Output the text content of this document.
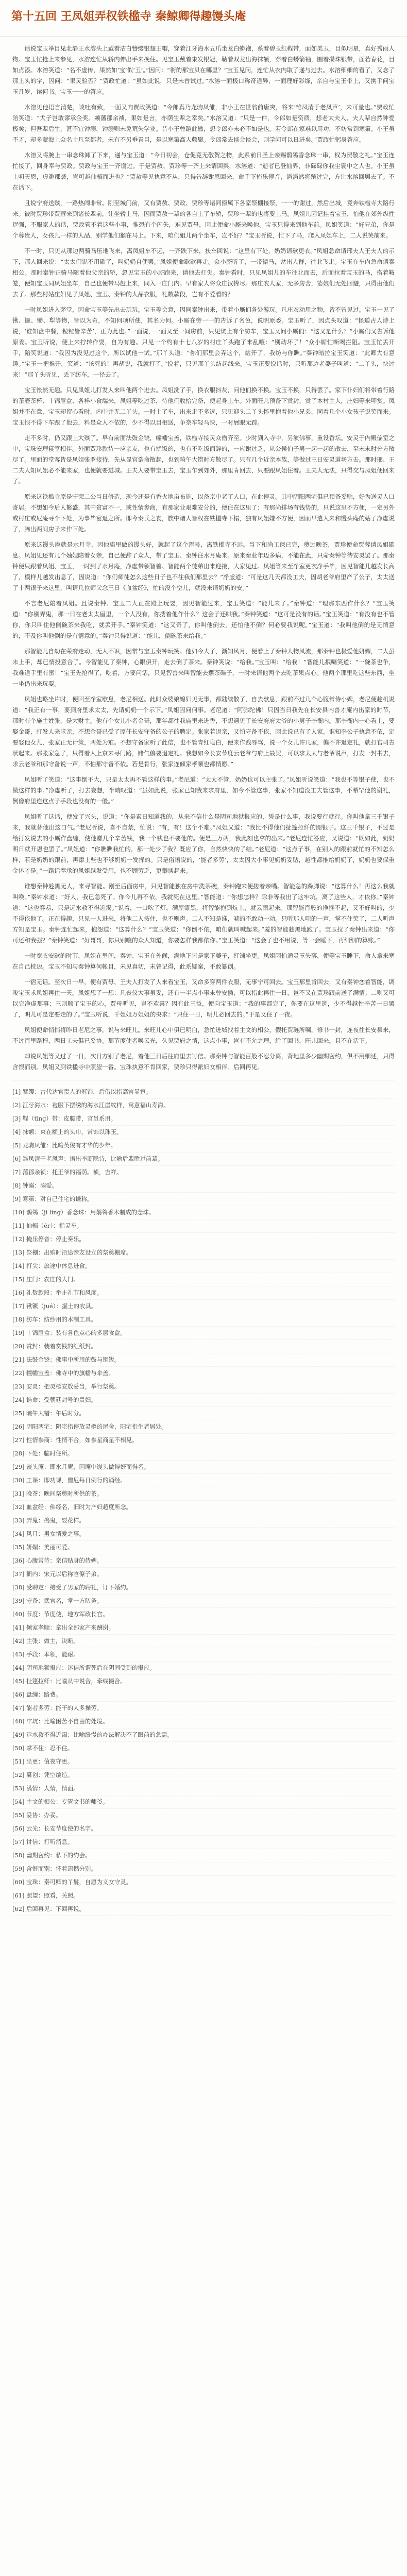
第十五回 王凤姐弄权铁槛寺 秦鲸卿得趣馒头庵

话说宝玉举目见北静王水溶头上戴着洁白簪缨银翅王帽，穿着江牙海水五爪坐龙白蟒袍，系着碧玉红鞓带，面如美玉，目似明星，真好秀丽人物。宝玉忙抢上来参见，水溶连忙从轿内伸出手来挽住。见宝玉戴着束发银冠，勒着双龙出海抹额，穿着白蟒箭袖，围着攒珠银带，面若春花，目如点漆。水溶笑道：“名不虚传，果然如‘宝’似‘玉’。”因问：“衔的那宝贝在哪里？”宝玉见问，连忙从衣内取了递与过去。水溶细细的看了，又念了那上头的字，因问：“果灵验否？”贾政忙道：“虽如此说，只是未曾试过。”水溶一面极口称奇道异，一面理好彩绦，亲自与宝玉带上，又携手问宝玉几岁，读何书。宝玉一一的答应。

水溶见他语言清楚，谈吐有致，一面又向贾政笑道：“令郎真乃龙驹凤雏，非小王在世翁前唐突，将来‘雏凤清于老凤声’，未可量也。”贾政忙陪笑道：“犬子岂敢谬承金奖。赖藩郡余祯，果如是言，亦荫生辈之幸矣。”水溶又道：“只是一件，令郎如是资质，想老太夫人、夫人辈自然钟爱极矣；但吾辈后生，甚不宜钟溺，钟溺则未免荒失学业。昔小王曾蹈此辙，想令郎亦未必不如是也。若令郎在家难以用功，不妨常到寒第。小王虽不才，却多蒙海上众名士凡至都者，未有不另垂青目，是以寒第高人颇聚。令郎常去谈会谈会，则学问可以日进矣。”贾政忙躬身答应。

水溶又将腕上一串念珠卸了下来，递与宝玉道：“今日初会，仓促竟无敬贺之物，此系前日圣上亲赐鹡鸰香念珠一串，权为贺敬之礼。”宝玉连忙接了，回身奉与贾政。贾政与宝玉一齐谢过。于是贾赦、贾珍等一齐上来请回舆，水溶道：“逝者已登仙界，非碌碌你我尘寰中之人也。小王虽上叨天恩，虚邀郡袭，岂可越仙輀而进也？”贾赦等见执意不从，只得告辞谢恩回来，命手下掩乐停音，滔滔然将殡过完，方让水溶回舆去了。不在话下。

且说宁府送殡，一路热闹非常。刚至城门前，又有贾赦、贾政、贾珍等诸同僚属下各家祭棚接祭，一一的谢过，然后出城，竟奔铁槛寺大路行来。彼时贾珍带贾蓉来到诸长辈前，让坐轿上马，因而贾赦一辈的各自上了车轿，贾珍一辈的也将要上马。凤姐儿因记挂着宝玉，怕他在郊外纵性逞强，不服家人的话，贾政管不着这些小事，惟恐有个闪失，难见贾母，因此便命小厮来唤他。宝玉只得来到他车前。凤姐笑道：“好兄弟，你是个尊贵人，女孩儿一样的人品，别学他们猴在马上。下来，咱们姐儿两个坐车，岂不好？”宝玉听说，忙下了马，爬入凤姐车上，二人说笑前来。

不一时，只见从那边两骑马压地飞来，离凤姐车不远，一齐跌下来，扶车回说：“这里有下处，奶奶请歇更衣。”凤姐急命请邢夫人王夫人的示下，那人回来说：“太太们说不用歇了，叫奶奶自便罢。”凤姐便命歇歇再走。众小厮听了，一带辕马，岔出人群，往北飞走。宝玉在车内急命请秦相公。那时秦钟正骑马随着他父亲的轿，忽见宝玉的小厮跑来，请他去打尖。秦钟看时，只见凤姐儿的车往北而去，后面拉着宝玉的马，搭着鞍笼，便知宝玉同凤姐坐车，自己也便带马赶上来，同入一庄门内。早有家人将众庄汉撵尽。那庄农人家，无多房舍，婆娘们无处回避，只得由他们去了。那些村姑庄妇见了凤姐、宝玉、秦钟的人品衣服，礼数款段，岂有不爱看的？

一时凤姐进入茅堂，因命宝玉等先出去玩玩。宝玉等会意，因同秦钟出来，带着小厮们各处游玩。凡庄农动用之物，皆不曾见过。宝玉一见了锹、镢、锄、犁等物，皆以为奇，不知何项所使，其名为何。小厮在旁一一的告诉了名色，说明原委。宝玉听了，因点头叹道：“怪道古人诗上说，‘谁知盘中餐，粒粒皆辛苦’，正为此也。”一面说，一面又至一间房前，只见炕上有个纺车，宝玉又问小厮们：“这又是什么？”小厮们又告诉他原委。宝玉听说，便上来拧转作耍，自为有趣。只见一个约有十七八岁的村庄丫头跑了来乱嚷：“别动坏了！”众小厮忙断喝拦阻。宝玉忙丢开手，陪笑说道：“我因为没见过这个，所以试他一试。”那丫头道：“你们那里会弄这个，站开了，我纺与你瞧。”秦钟暗拉宝玉笑道：“此卿大有意趣。”宝玉一把推开，笑道：“该死的！再胡说，我就打了。”说着，只见那丫头纺起线来。宝玉正要说话时，只听那边老婆子叫道：“二丫头，快过来！”那丫头听见，丢下纺车，一径去了。

宝玉怅然无趣。只见凤姐儿打发人来叫他两个进去。凤姐洗了手，换衣服抖灰，问他们换不换。宝玉不换，只得罢了。家下仆妇们将带着行路的茶壶茶杯、十锦屉盒、各样小食端来，凤姐等吃过茶，待他们收拾完备，便起身上车。外面旺儿预备下赏封，赏了本村主人，庄妇等来叩赏。凤姐并不在意，宝玉却留心看时，内中并无二丫头。一时上了车，出来走不多远，只见迎头二丫头怀里抱着他小兄弟，同着几个小女孩子说笑而来。宝玉恨不得下车跟了他去，料是众人不依的，少不得以目相送，争奈车轻马快，一时展眼无踪。

走不多时，仍又跟上大殡了。早有前面法鼓金铙，幢幡宝盖，铁槛寺接灵众僧齐至。少时到入寺中，另演佛事，重设香坛。安灵于内殿偏室之中，宝珠安理寝室相伴。外面贾珍款待一应亲友，也有扰饭的，也有不吃饭而辞的，一应谢过乏，从公侯伯子男一起一起的散去，至未末时分方散尽了。里面的堂客皆是凤姐张罗接待，先从显官诰命散起，也到晌午大错时方散尽了。只有几个近亲本族，等做过三日安灵道场方去。那时邢、王二夫人知凤姐必不能来家，也便就要进城。王夫人要带宝玉去，宝玉乍到郊外，那里肯回去，只要跟凤姐住着。王夫人无法，只得交与凤姐便回来了。

原来这铁槛寺原是宁荣二公当日修造，现今还是有香火地亩布施，以备京中老了人口，在此停灵。其中阴阳两宅俱已预备妥贴，好为送灵人口寄居。不想如今后人繁盛，其中贫富不一，或性情参商，有那家业艰难安分的，便住在这里了；有那尚排场有钱势的，只说这里不方便，一定另外或村庄或尼庵寻个下处，为事毕宴退之所。即今秦氏之丧，族中诸人皆权在铁槛寺下榻，独有凤姐嫌不方便，因而早遣人来和馒头庵的姑子净虚说了，腾出两间房子来作下处。

原来这馒头庵就是水月寺，因他庙里做的馒头好，就起了这个浑号，离铁槛寺不远。当下和尚工课已完，奠过晚茶，贾珍便命贾蓉请凤姐歇息。凤姐见还有几个妯娌陪着女亲，自己便辞了众人，带了宝玉、秦钟往水月庵来。原来秦业年迈多病，不能在此，只命秦钟等待安灵罢了。那秦钟便只跟着凤姐、宝玉，一时到了水月庵，净虚带领智善、智能两个徒弟出来迎接，大家见过。凤姐等来至净室更衣净手毕，因见智能儿越发长高了，模样儿越发出息了，因说道：“你们师徒怎么这些日子也不往我们那里去？”净虚道：“可是这几天都没工夫，因胡老爷府里产了公子，太太送了十两银子来这里，叫请几位师父念三日《血盆经》，忙的没个空儿，就没来请奶奶的安。”

不言老尼陪着凤姐。且说秦钟、宝玉二人正在殿上玩耍，因见智能过来，宝玉笑道：“能儿来了。”秦钟道：“理那东西作什么？”宝玉笑道：“你别弄鬼，那一日在老太太屋里，一个人没有，你搂着他作什么？这会子还哄我。”秦钟笑道：“这可是没有的话。”宝玉笑道：“有没有也不管你，你只叫住他倒碗茶来我吃，就丢开手。”秦钟笑道：“这又奇了，你叫他倒去，还怕他不倒？何必要我说呢。”宝玉道：“我叫他倒的是无情意的，不及你叫他倒的是有情意的。”秦钟只得说道：“能儿，倒碗茶来给我。”

那智能儿自幼在荣府走动，无人不识，因常与宝玉秦钟玩笑。他如今大了，渐知风月，便看上了秦钟人物风流，那秦钟也极爱他妍媚，二人虽未上手，却已情投意合了。今智能见了秦钟，心眼俱开，走去倒了茶来。秦钟笑说：“给我。”宝玉叫：“给我！”智能儿抿嘴笑道：“一碗茶也争，我难道手里有蜜！”宝玉先抢得了，吃着，方要问话，只见智善来叫智能去摆茶碟子，一时来请他两个去吃茶果点心。他两个那里吃这些东西，坐一坐仍出来玩耍。

凤姐也略坐片时，便回至净室歇息，老尼相送。此时众婆娘媳妇见无事，都陆续散了，自去歇息，跟前不过几个心腹常侍小婢，老尼便趁机说道：“我正有一事，要到府里求太太，先请奶奶一个示下。”凤姐因问何事。老尼道：“阿弥陀佛！只因当日我先在长安县内善才庵内出家的时节，那时有个施主姓张，是大财主。他有个女儿小名金哥，那年都往我庙里来进香，不想遇见了长安府府太爷的小舅子李衙内。那李衙内一心看上，要娶金哥，打发人来求亲，不想金哥已受了原任长安守备的公子的聘定。张家若退亲，又怕守备不依，因此说已有了人家。谁知李公子执意不依，定要娶他女儿，张家正无计策，两处为难。不想守备家听了此信，也不管青红皂白，便来作践辱骂，说一个女儿许几家，偏不许退定礼，就打官司告状起来。那张家急了，只得着人上京来寻门路，赌气偏要退定礼。我想如今长安节度云老爷与府上最契，可以求太太与老爷说声，打发一封书去，求云老爷和那守备说一声，不怕那守备不依。若是肯行，张家连倾家孝顺也都情愿。”

凤姐听了笑道：“这事倒不大，只是太太再不管这样的事。”老尼道：“太太不管，奶奶也可以主张了。”凤姐听说笑道：“我也不等银子使，也不做这样的事。”净虚听了，打去妄想，半晌叹道：“虽如此说，张家已知我来求府里，如今不管这事，张家不知道没工夫管这事，不希罕他的谢礼，倒像府里连这点子手段也没有的一般。”

凤姐听了这话，便发了兴头，说道：“你是素日知道我的，从来不信什么是阴司地狱报应的，凭是什么事，我说要行就行。你叫他拿三千银子来，我就替他出这口气。”老尼听说，喜不自禁，忙说：“有，有！这个不难。”凤姐又道：“我比不得他们扯篷拉纤的图银子。这三千银子，不过是给打发说去的小厮作盘缠，使他赚几个辛苦钱，我一个钱也不要他的。便是三万两，我此刻也拿的出来。”老尼连忙答应，又说道：“既如此，奶奶明日就开恩也罢了。”凤姐道：“你瞧瞧我忙的，那一处少了我？既应了你，自然快快的了结。”老尼道：“这点子事，在别人的跟前就忙的不知怎么样，若是奶奶的跟前，再添上些也不够奶奶一发挥的。只是俗语说的，‘能者多劳’，太太因大小事见奶奶妥贴，越性都推给奶奶了，奶奶也要保重金体才是。”一路话奉承的凤姐越发受用，也不顾劳乏，更攀谈起来。

谁想秦钟趁黑无人，来寻智能。刚至后面房中，只见智能独在房中洗茶碗，秦钟跑来便搂着亲嘴。智能急的跺脚说：“这算什么！再这么我就叫唤。”秦钟求道：“好人，我已急死了。你今儿再不依，我就死在这里。”智能道：“你想怎样？除非等我出了这牢坑，离了这些人，才依你。”秦钟道：“这也容易，只是远水救不得近渴。”说着，一口吹了灯，满屋漆黑，将智能抱到炕上，就云雨起来。那智能百般的挣挫不起，又不好叫的，少不得依他了。正在得趣，只见一人进来，将他二人按住，也不则声。二人不知是谁，唬的不敢动一动。只听那人嗤的一声，掌不住笑了，二人听声方知是宝玉。秦钟连忙起来，抱怨道：“这算什么？”宝玉笑道：“你倒不依，咱们就叫喊起来。”羞的智能趁黑地跑了。宝玉拉了秦钟出来道：“你可还和我强？”秦钟笑道：“好哥哥，你只别嚷的众人知道，你要怎样我都依你。”宝玉笑道：“这会子也不用说，等一会睡下，再细细的算账。”

一时宽衣安歇的时节，凤姐在里间，秦钟、宝玉在外间，满地下皆是家下婆子，打铺坐更。凤姐因怕通灵玉失落，便等宝玉睡下，命人拿来塞在自己枕边。宝玉不知与秦钟算何帐目，未见真切，未曾记得，此系疑案，不敢纂创。

一宿无话。至次日一早，便有贾母、王夫人打发了人来看宝玉，又命多穿两件衣服，无事宁可回去。宝玉那里肯回去，又有秦钟恋着智能，调唆宝玉求凤姐再住一天。凤姐想了一想：凡丧仪大事虽妥，还有一半点小事未曾安插，可以指此再住一日，岂不又在贾珍跟前送了满情；二则又可以完净虚那事；三则顺了宝玉的心，贾母听见，岂不欢喜？因有此三益，便向宝玉道：“我的事都完了，你要在这里逛，少不得越性辛苦一日罢了，明儿可是定要走的了。”宝玉听说，千姐姐万姐姐的央求：“只住一日，明儿必回去的。”于是又住了一夜。

凤姐便命悄悄将昨日老尼之事，说与来旺儿。来旺儿心中俱已明白，急忙进城找着主文的相公，假托贾琏所嘱，修书一封，连夜往长安县来，不过百里路程，两日工夫俱已妥协。那节度使名唤云光，久见贾府之情，这点小事，岂有不允之理，给了回书，旺儿回来。且不在话下。

却说凤姐等又过了一日，次日方别了老尼，着他三日后往府里去讨信。那秦钟与智能百般不忍分离，背地里多少幽期密约，俱不用细述，只得含恨而别。凤姐又到铁槛寺中照望一番。宝珠执意不肯回家，贾珍只得派妇女相伴。后回再见。

[1] 簪缨：古代达官贵人的冠饰，后借以指高官显宦。

[2] 江牙海水：袍服下摆绣的海水江崖纹样，寓意福山寿海。

[3] 鞓（tīng）带：皮腰带，官员系用。

[4] 抹额：束在额上的头巾，常饰以珠玉。

[5] 龙驹凤雏：比喻英俊有才华的少年。

[6] 雏凤清于老凤声：语出李商隐诗，比喻后辈胜过前辈。

[7] 藩郡余祯：托王爷的福荫。祯，吉祥。

[8] 钟溺：溺爱。

[9] 寒第：对自己住宅的谦称。

[10] 鹡鸰（jí líng）香念珠：用鹡鸰香木制成的念珠。

[11] 仙輀（ér）：指灵车。

[12] 掩乐停音：停止奏乐。

[13] 祭棚：出殡时沿途亲友设立的祭奠棚席。

[14] 打尖：旅途中休息进食。

[15] 庄门：农庄的大门。

[16] 礼数款段：举止礼节和风度。

[17] 锹镢（jué）：掘土的农具。

[18] 纺车：纺纱用的木制工具。

[19] 十锦屉盒：装有各色点心的多层食盒。

[20] 赏封：装着赏钱的红纸封。

[21] 法鼓金铙：佛事中所用的鼓与铜钹。

[22] 幢幡宝盖：佛寺中的旗幡与伞盖。

[23] 安灵：把灵柩安放妥当，举行祭奠。

[24] 诰命：受朝廷封号的贵妇。

[25] 晌午大错：午后时分。

[26] 阴阳两宅：阴宅指停放灵柩的屋舍，阳宅指生者居处。

[27] 性情参商：性情不合，如参星商星不相见。

[28] 下处：临时住所。

[29] 馒头庵：即水月庵，因庵中馒头做得好而得名。

[30] 工课：即功课，僧尼每日例行的诵经。

[31] 晚茶：晚间祭奠时所供的茶。

[32] 血盆经：佛经名，旧时为产妇超度所念。

[33] 弄鬼：捣鬼，耍花样。

[34] 风月：男女情爱之事。

[35] 妍媚：美丽可爱。

[36] 心腹常侍：亲信贴身的侍婢。

[37] 衙内：宋元以后称官僚子弟。

[38] 受聘定：接受了男家的聘礼，订下婚约。

[39] 守备：武官名，掌一方防务。

[40] 节度：节度使，地方军政长官。

[41] 倾家孝顺：拿出全部家产来酬谢。

[42] 主张：做主，决断。

[43] 手段：本领，能耐。

[44] 阴司地狱报应：迷信所谓死后在阴间受到的报应。

[45] 扯篷拉纤：比喻从中说合，牵线撮合。

[46] 盘缠：路费。

[47] 能者多劳：能干的人多操劳。

[48] 牢坑：比喻困苦不自由的处境。

[49] 远水救不得近渴：比喻缓慢的办法解决不了眼前的急需。

[50] 掌不住：忍不住。

[51] 坐更：值夜守更。

[52] 纂创：凭空编造。

[53] 满情：人情，情面。

[54] 主文的相公：专管文书的师爷。

[55] 妥协：办妥。

[56] 云光：长安节度使的名字。

[57] 讨信：打听消息。

[58] 幽期密约：私下的约会。

[59] 含恨而别：怀着遗憾分别。

[60] 宝珠：秦可卿的丫鬟，自愿为义女守灵。

[61] 照望：照看，关照。

[62] 后回再见：下回再说。
